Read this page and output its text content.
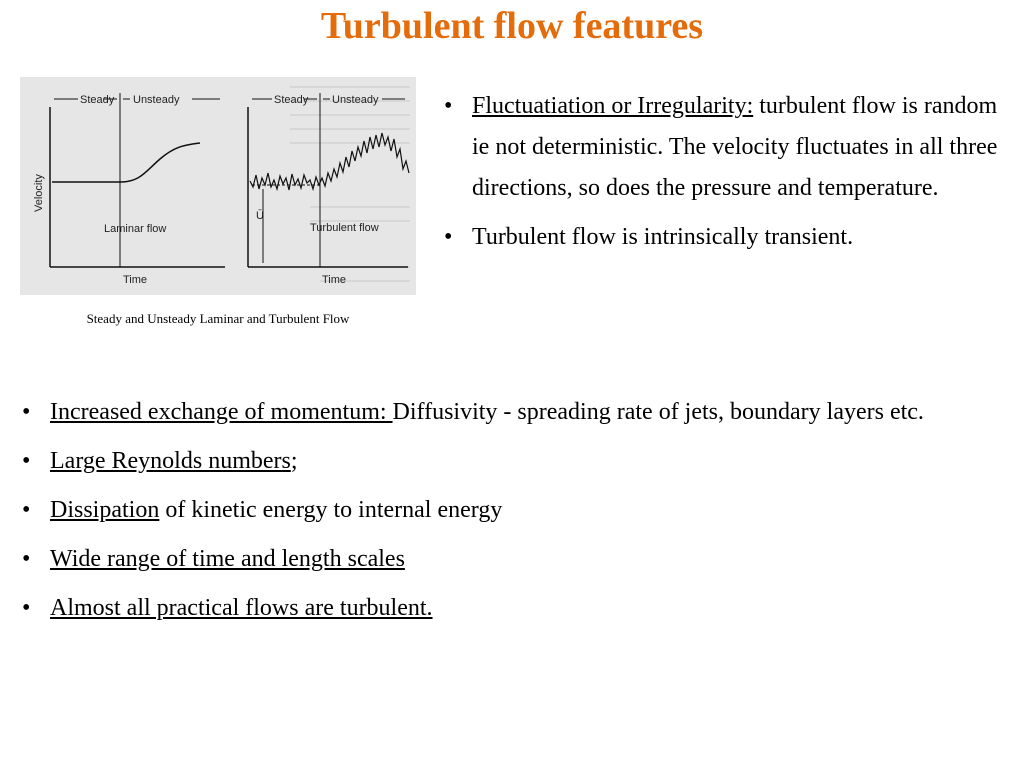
Turbulent flow features
Steady Unsteady
Velocity
Time
Laminar flow
Steady Unsteady
Ū
Time
Turbulent flow
Steady and Unsteady Laminar and Turbulent Flow
• Fluctuatiation or Irregularity: turbulent flow is random ie not deterministic. The velocity fluctuates in all three directions, so does the pressure and temperature.
• Turbulent flow is intrinsically transient.
• Increased exchange of momentum: Diffusivity - spreading rate of jets, boundary layers etc.
• Large Reynolds numbers;
• Dissipation of kinetic energy to internal energy
• Wide range of time and length scales
• Almost all practical flows are turbulent.
